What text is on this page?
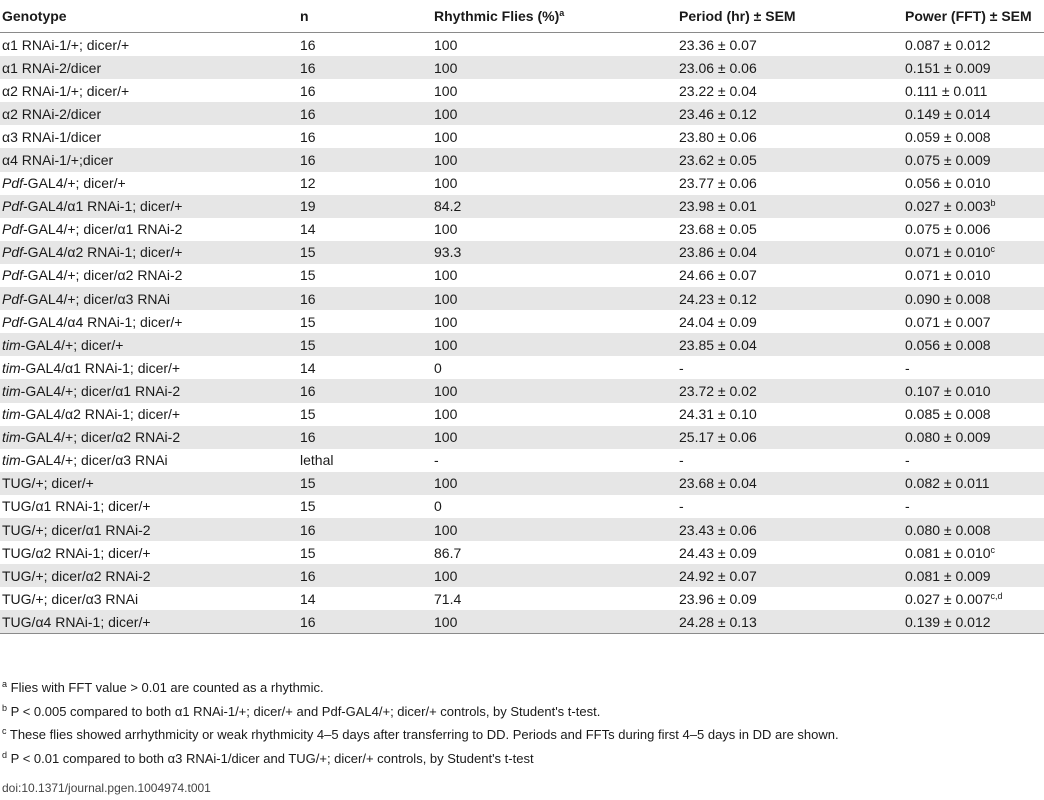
Genotype	n	Rhythmic Flies (%)$^a$	Period (hr) ± SEM	Power (FFT) ± SEM
α1 RNAi-1/+; dicer/+	16	100	23.36 ± 0.07	0.087 ± 0.012
α1 RNAi-2/dicer	16	100	23.06 ± 0.06	0.151 ± 0.009
α2 RNAi-1/+; dicer/+	16	100	23.22 ± 0.04	0.111 ± 0.011
α2 RNAi-2/dicer	16	100	23.46 ± 0.12	0.149 ± 0.014
α3 RNAi-1/dicer	16	100	23.80 ± 0.06	0.059 ± 0.008
α4 RNAi-1/+;dicer	16	100	23.62 ± 0.05	0.075 ± 0.009
Pdf-GAL4/+; dicer/+	12	100	23.77 ± 0.06	0.056 ± 0.010
Pdf-GAL4/α1 RNAi-1; dicer/+	19	84.2	23.98 ± 0.01	0.027 ± 0.003$^b$
Pdf-GAL4/+; dicer/α1 RNAi-2	14	100	23.68 ± 0.05	0.075 ± 0.006
Pdf-GAL4/α2 RNAi-1; dicer/+	15	93.3	23.86 ± 0.04	0.071 ± 0.010$^c$
Pdf-GAL4/+; dicer/α2 RNAi-2	15	100	24.66 ± 0.07	0.071 ± 0.010
Pdf-GAL4/+; dicer/α3 RNAi	16	100	24.23 ± 0.12	0.090 ± 0.008
Pdf-GAL4/α4 RNAi-1; dicer/+	15	100	24.04 ± 0.09	0.071 ± 0.007
tim-GAL4/+; dicer/+	15	100	23.85 ± 0.04	0.056 ± 0.008
tim-GAL4/α1 RNAi-1; dicer/+	14	0	-	-
tim-GAL4/+; dicer/α1 RNAi-2	16	100	23.72 ± 0.02	0.107 ± 0.010
tim-GAL4/α2 RNAi-1; dicer/+	15	100	24.31 ± 0.10	0.085 ± 0.008
tim-GAL4/+; dicer/α2 RNAi-2	16	100	25.17 ± 0.06	0.080 ± 0.009
tim-GAL4/+; dicer/α3 RNAi	lethal	-	-	-
TUG/+; dicer/+	15	100	23.68 ± 0.04	0.082 ± 0.011
TUG/α1 RNAi-1; dicer/+	15	0	-	-
TUG/+; dicer/α1 RNAi-2	16	100	23.43 ± 0.06	0.080 ± 0.008
TUG/α2 RNAi-1; dicer/+	15	86.7	24.43 ± 0.09	0.081 ± 0.010$^c$
TUG/+; dicer/α2 RNAi-2	16	100	24.92 ± 0.07	0.081 ± 0.009
TUG/+; dicer/α3 RNAi	14	71.4	23.96 ± 0.09	$0.027 \pm 0.007^{c,d}$
TUG/α4 RNAi-1; dicer/+	16	100	24.28 ± 0.13	0.139 ± 0.012
$^a$ Flies with FFT value > 0.01 are counted as a rhythmic.
$^b$ P < 0.005 compared to both α1 RNAi-1/+; dicer/+ and Pdf-GAL4/+; dicer/+ controls, by Student's t-test.
$^c$ These flies showed arrhythmicity or weak rhythmicity 4–5 days after transferring to DD. Periods and FFTs during first 4–5 days in DD are shown.
$^d$ P < 0.01 compared to both α3 RNAi-1/dicer and TUG/+; dicer/+ controls, by Student's t-test
doi:10.1371/journal.pgen.1004974.t001
